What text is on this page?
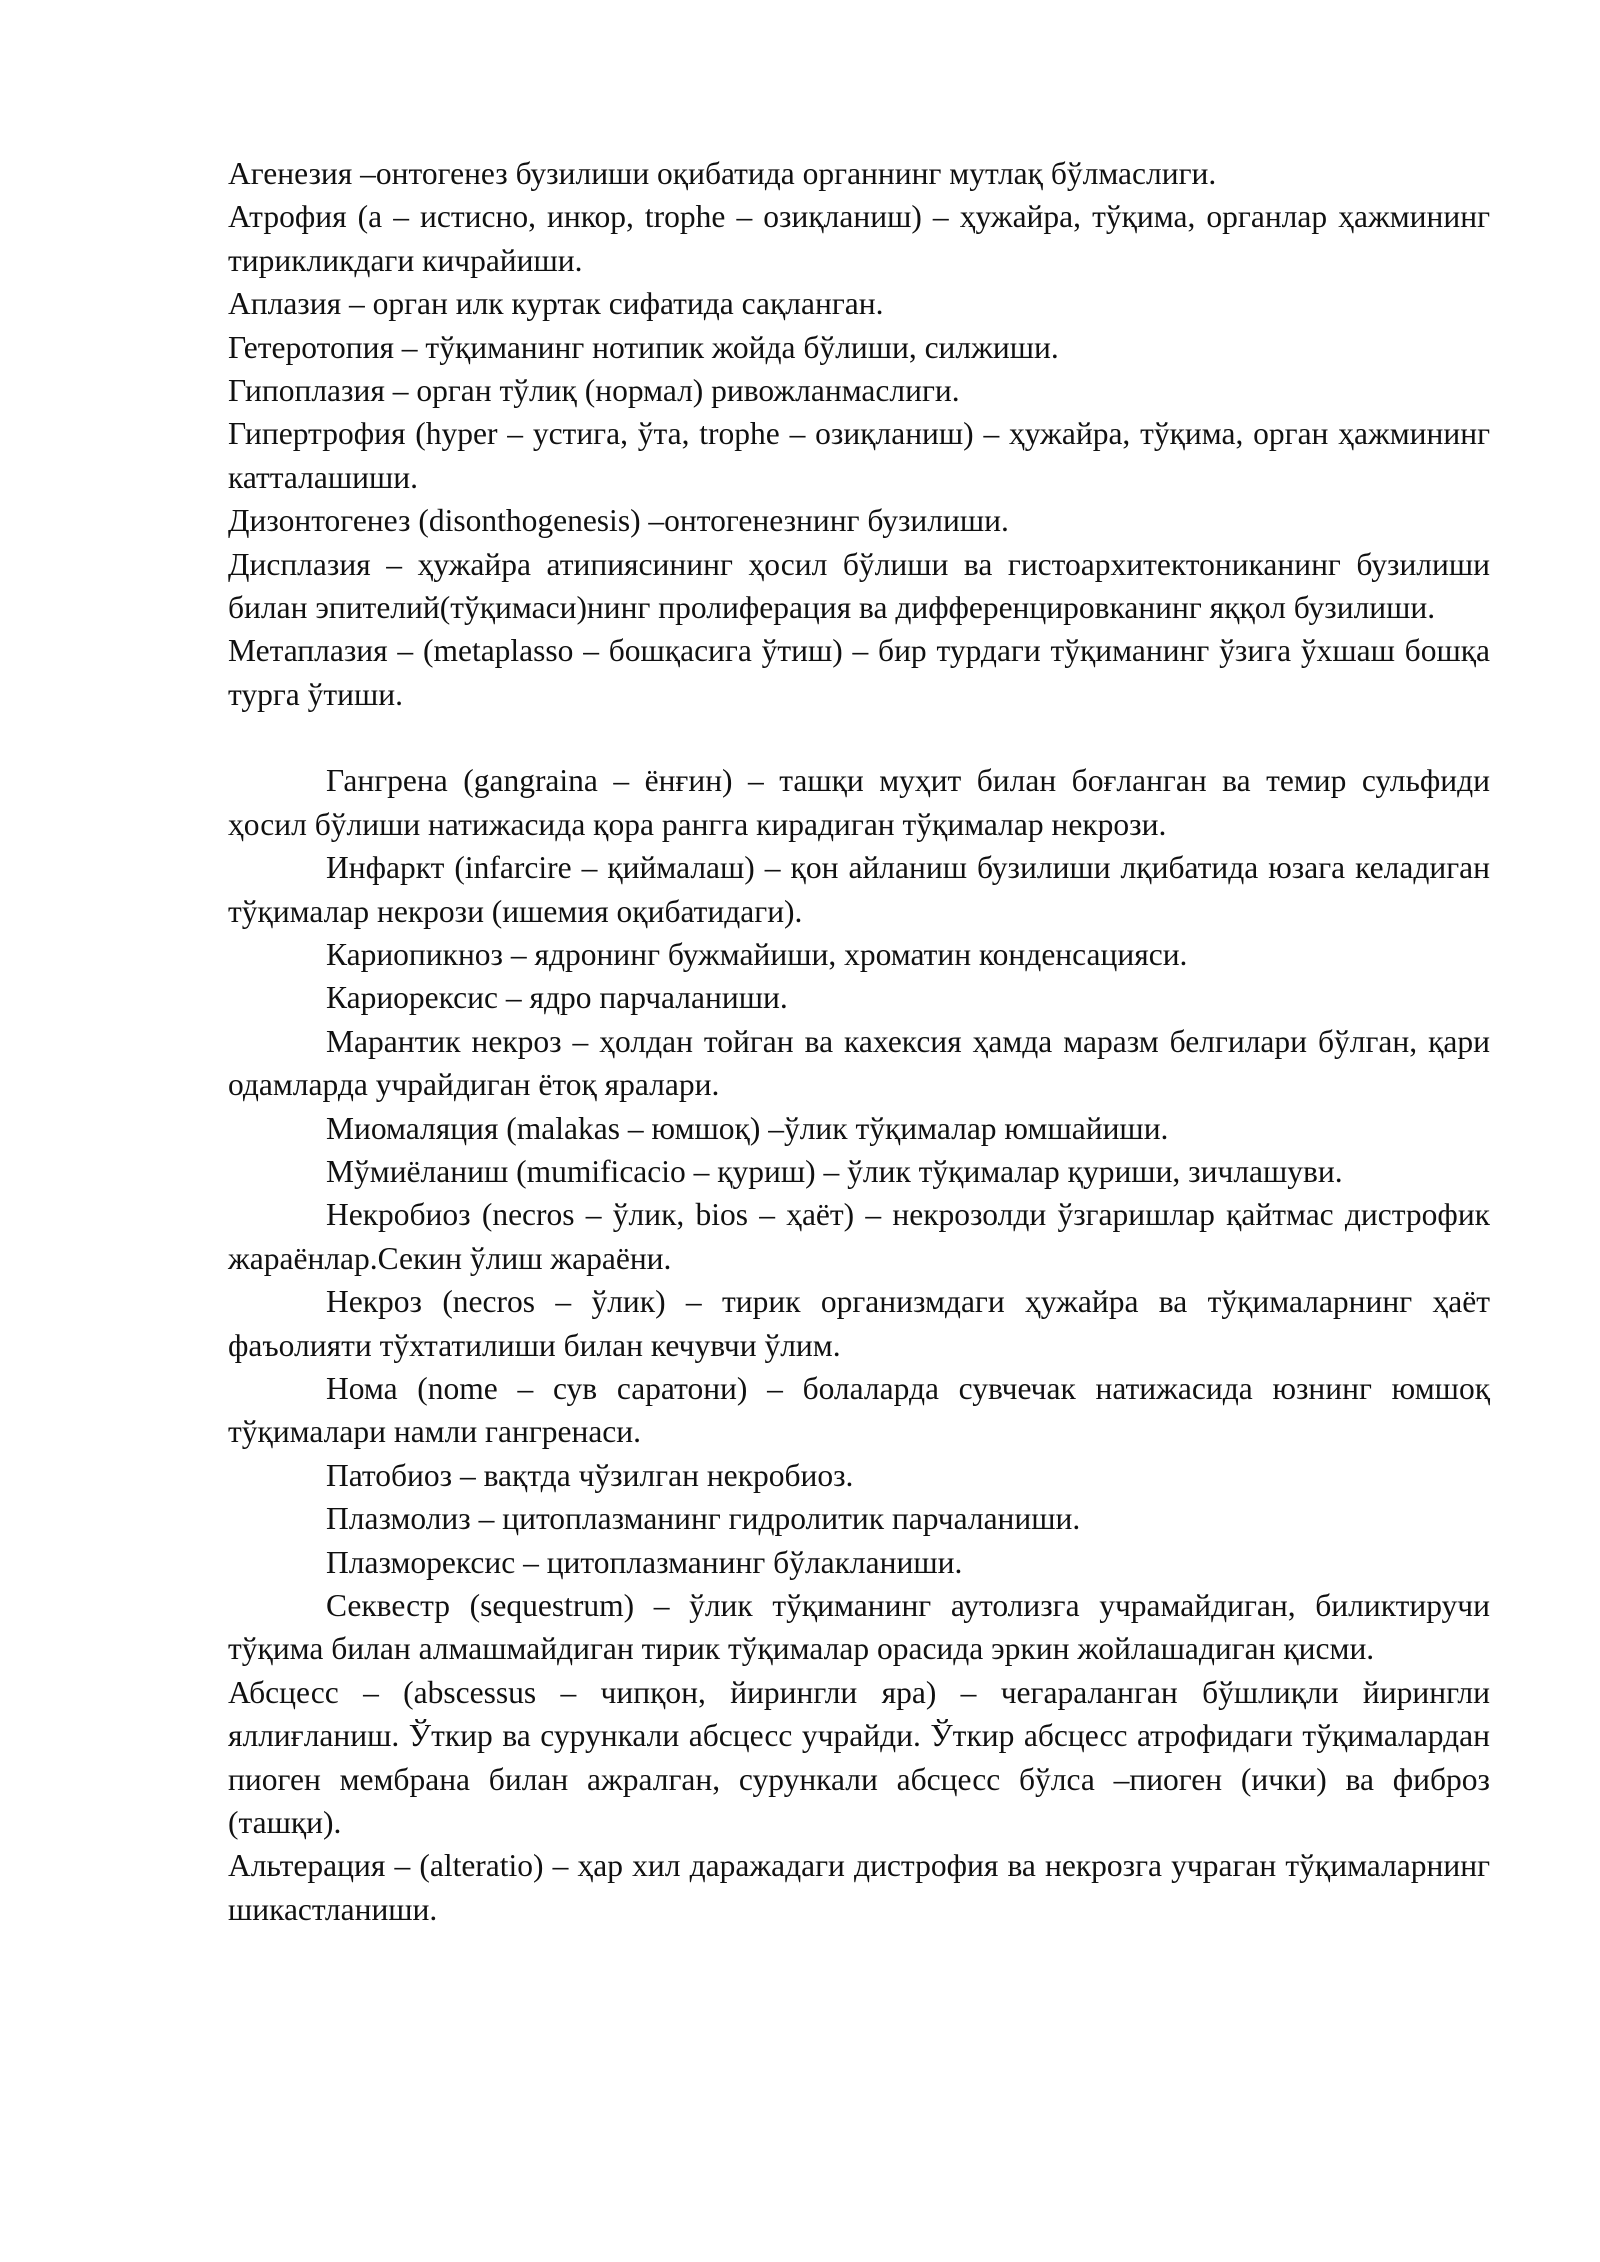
Агенезия –онтогенез бузилиши оқибатида органнинг мутлақ бўлмаслиги.

Атрофия (а – истисно, инкор, trophe – озиқланиш) – ҳужайра, тўқима, органлар ҳажмининг тирикликдаги кичрайиши.

Аплазия – орган илк куртак сифатида сақланган.

Гетеротопия – тўқиманинг нотипик жойда бўлиши, силжиши.

Гипоплазия – орган тўлиқ (нормал) ривожланмаслиги.

Гипертрофия (hyper – устига, ўта, trophe – озиқланиш) – ҳужайра, тўқима, орган ҳажмининг катталашиши.

Дизонтогенез (disonthogenesis) –онтогенезнинг бузилиши.

Дисплазия – ҳужайра атипиясининг ҳосил бўлиши ва гистоархитектониканинг бузилиши билан эпителий(тўқимаси)нинг пролиферация ва дифференцировканинг яққол бузилиши.

Метаплазия – (metaplasso – бошқасига ўтиш) – бир турдаги тўқиманинг ўзига ўхшаш бошқа турга ўтиши.

Гангрена (gangraina – ёнғин) – ташқи муҳит билан боғланган ва темир сульфиди ҳосил бўлиши натижасида қора рангга кирадиган тўқималар некрози.

Инфаркт (infarcire – қиймалаш) – қон айланиш бузилиши лқибатида юзага келадиган тўқималар некрози (ишемия оқибатидаги).

Кариопикноз – ядронинг бужмайиши, хроматин конденсацияси.

Кариорексис – ядро парчаланиши.

Марантик некроз – ҳолдан тойган ва кахексия ҳамда маразм белгилари бўлган, қари одамларда учрайдиган ётоқ яралари.

Миомаляция (malakas – юмшоқ) –ўлик тўқималар юмшайиши.

Мўмиёланиш (mumificacio – қуриш) – ўлик тўқималар қуриши, зичлашуви.

Некробиоз (necros – ўлик, bios – ҳаёт) – некрозолди ўзгаришлар қайтмас дистрофик жараёнлар.Секин ўлиш жараёни.

Некроз (necros – ўлик) – тирик организмдаги ҳужайра ва тўқималарнинг ҳаёт фаъолияти тўхтатилиши билан кечувчи ўлим.

Нома (nome – сув саратони) – болаларда сувчечак натижасида юзнинг юмшоқ тўқималари намли гангренаси.

Патобиоз – вақтда чўзилган некробиоз.

Плазмолиз – цитоплазманинг гидролитик парчаланиши.

Плазморексис – цитоплазманинг бўлакланиши.

Секвестр (sequestrum) – ўлик тўқиманинг аутолизга учрамайдиган, биликтиручи тўқима билан алмашмайдиган тирик тўқималар орасида эркин жойлашадиган қисми.

Абсцесс – (abscessus – чипқон, йирингли яра) – чегараланган бўшлиқли йирингли яллиғланиш. Ўткир ва сурункали абсцесс учрайди. Ўткир абсцесс атрофидаги тўқималардан пиоген мембрана билан ажралган, сурункали абсцесс бўлса –пиоген (ички) ва фиброз (ташқи).

Альтерация – (alteratio) – ҳар хил даражадаги дистрофия ва некрозга учраган тўқималарнинг шикастланиши.
